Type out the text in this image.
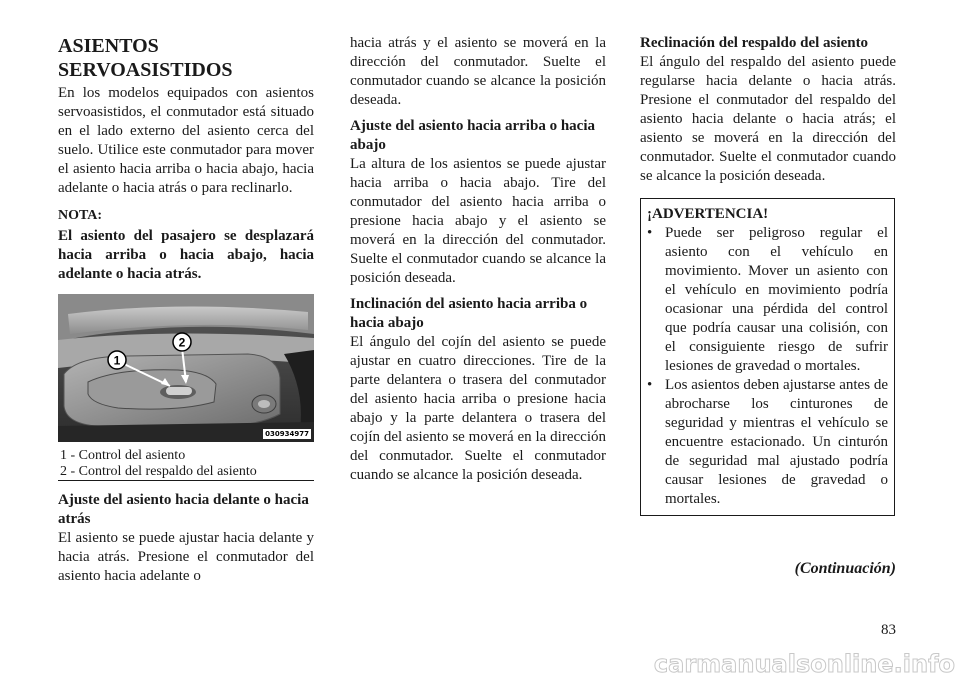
ASIENTOS SERVOASISTIDOS

En los modelos equipados con asientos servoasistidos, el conmutador está situado en el lado externo del asiento cerca del suelo. Utilice este conmutador para mover el asiento hacia arriba o hacia abajo, hacia adelante o hacia atrás o para reclinarlo.

NOTA:
El asiento del pasajero se desplazará hacia arriba o hacia abajo, hacia adelante o hacia atrás.
1
2
030934977
1 - Control del asiento
2 - Control del respaldo del asiento
Ajuste del asiento hacia delante o hacia atrás

El asiento se puede ajustar hacia delante y hacia atrás. Presione el conmutador del asiento hacia adelante o

hacia atrás y el asiento se moverá en la dirección del conmutador. Suelte el conmutador cuando se alcance la posición deseada.

Ajuste del asiento hacia arriba o hacia abajo

La altura de los asientos se puede ajustar hacia arriba o hacia abajo. Tire del conmutador del asiento hacia arriba o presione hacia abajo y el asiento se moverá en la dirección del conmutador. Suelte el conmutador cuando se alcance la posición deseada.

Inclinación del asiento hacia arriba o hacia abajo

El ángulo del cojín del asiento se puede ajustar en cuatro direcciones. Tire de la parte delantera o trasera del conmutador del asiento hacia arriba o presione hacia abajo y la parte delantera o trasera del cojín del asiento se moverá en la dirección del conmutador. Suelte el conmutador cuando se alcance la posición deseada.

Reclinación del respaldo del asiento

El ángulo del respaldo del asiento puede regularse hacia delante o hacia atrás. Presione el conmutador del respaldo del asiento hacia delante o hacia atrás; el asiento se moverá en la dirección del conmutador. Suelte el conmutador cuando se alcance la posición deseada.

¡ADVERTENCIA!
• Puede ser peligroso regular el asiento con el vehículo en movimiento. Mover un asiento con el vehículo en movimiento podría ocasionar una pérdida del control que podría causar una colisión, con el consiguiente riesgo de sufrir lesiones de gravedad o mortales.
• Los asientos deben ajustarse antes de abrocharse los cinturones de seguridad y mientras el vehículo se encuentre estacionado. Un cinturón de seguridad mal ajustado podría causar lesiones de gravedad o mortales.
(Continuación)
83
carmanualsonline.info
